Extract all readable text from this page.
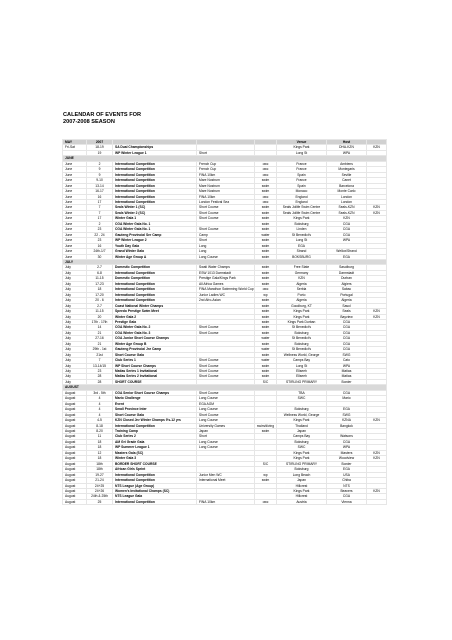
CALENDAR OF EVENTS FOR
2007-2008 SEASON
MAY	2007				Venue	Host	
Fri-Sat	18-19	SA Dual Championships			Kings Park	DHA-KZN	KZN
	19	WP Winter League 1	Short		Long St	WPA	
JUNE							
June	2	International Competition	French Cup	owc	France	Ambiens	
June	9	International Competition	French Cup	owc	France	Montegaris	
June	9	International Competition	FINA 10km	owc	Spain	Seville	
June	9-10	International Competition	Mare Nostrum	swim	France	Canet	
June	13-14	International Competition	Mare Nostrum	swim	Spain	Barcelona	
June	16-17	International Competition	Mare Nostrum	swim	Monaco	Monte Carlo	
June	16	International Competition	FINA 10km	owc	England	London	
June	17	International Competition	London Festival Sea	owc	England	London	
June	7	Seals Winter 1 (SC)	Short Course	swim	Seals Jollife Swim Centre	Seals-KZN	KZN
June	7	Seals Winter 2 (SC)	Short Course	swim	Seals Jollife Swim Centre	Seals-KZN	KZN
June	17	Winter Gala 1	Short Course	swim	Kings Park	KZN	
June	2	CGA Winter Gala No. 1		swim	Boksburg	CGA	
June	23	CGA Winter Gala No. 1	Short Course	swim	Linden	CGA	
June	22 - 24	Gauteng Provincial Ser Camp	Camp	water	St Benedict's	CGA	
June	23	WP Winter League 2	Short	swim	Long St	WPA	
June	16	Youth Day Gala	Long	swim	EGA		
June	24th-1/7	Grand Winter Gala	Long	swim	Strand	Wellox/Strand	
June	30	Winter Age Group A	Long Course	swim	BOKSBURG	EGA	
JULY							
July	2-7	Domestic Competition	Swati Water Champs	swim	Free State	Sasolburg	
July	6-8	International Competition	ESW 1013 Darmstadt	swim	Germany	Darmstadt	
July	11-15	Domestic Competition	Prestige Gala/Kings Park	swim	KZN	Durban	
July	17-23	International Competition	All Africa Games	swim	Algeria	Algiers	
July	18	International Competition	FINA Marathon Swimming World Cup	owc	Serbia	Sabac	
July	17-20	International Competition	Junior Ladies WC	wp	Porto	Portugal	
July	20 - 6	International Competition	2nd Afro-Asian	swim	Algeria	Algeria	
July	2-7	Coast National Winter Champs		swim	Goodburg, KT	Sasol	
July	11-15	Speedo Prestige Swim Meet		swim	Kings Park	Seals	KZN
July	20	Winter Gala 2		swim	Kings Park	Bayview	KZN
July	17th - 17th	Prestige Gala		swim	Kings Park Durban	CGA	
July	14	CGA Winter Gala No. 2	Short Course	swim	St Benedict's	CGA	
July	21	CGA Winter Gala No. 3	Short Course	swim	Boksburg	CGA	
July	27-16	CGA Junior Short Course Champs		water	St Benedict's	CGA	
July	21	Winter Age Group B		swim	Boksburg	CGA	
July	29th - 1st	Gauteng Provincial Jnr Camp		water	St Benedict's	CGA	
July	21st	Short Course Gala		swim	Wellness World, George	SWG	
July	7	Club Series 1	Short Course	water	Camps Bay	Cato	
July	13-14/15	WP Short Course Champs	Short Course	swim	Long St	WPA	
July	23	Matias Series 1 Invitational	Short Course	swim	Ellseeh	Matias	
July	28	Matias Series 2 Invitational	Short Course	swim	Ellseeh	Matias	
July	28	SHORT COURSE		S/C	STIRLING PRIMARY	Border	
AUGUST							
August	3rd - 5th	CGA Senior Short Course Champs	Short Course		TBA	CGA	
August	4	Mario Challenge	Long Course		SWC	Mario	
August	4	Event	EGA AGM				
August	4	Small Province Inter	Long Course		Boksburg	EGA	
August	4	Short Course Gala	Short Course		Wellness World, George	SWG	
August	4-5	KZN Closed Jnr Winter Champs 9's-12 yrs	Long Course		Kings Park	KZNA	KZN
August	8-18	International Competition	University Games	swim/diving	Thailand	Bangkok	
August	8-20	Training Camp	Japan	swim	Japan		
August	11	Club Series 2	Short		Camps Bay	Watsons	
August	18	AM Gri Grade Gala	Long Course		Boksburg	CGA	
August	18	WP Summer League 1	Long Course		SWC	WPA	
August	12	Masters Gala (SC)			Kings Park	Masters	KZN
August	18	Winter Gala 3			Kings Park	Woodview	KZN
August	18th	BORDER SHORT COURSE		S/C	STIRLING PRIMARY	Border	
August	18th	African Girls Sprint			Boksburg	EGA	
August	19-27	International Competition	Junior Men WC	wp	Long Beach	USA	
August	21-24	International Competition	International Meet	swim	Japan	Chiba	
August	24+25	NTS League (Age Group)			Hillcrest	NTS	
August	24+26	Women's Invitational Champs (SC)			Kings Park	Beavers	KZN
August	24th & 25th	NTS League Gala			Hillcrest	CGA	
August	25	International Competition	FINA 10km	owc	Austria	Vienna	
